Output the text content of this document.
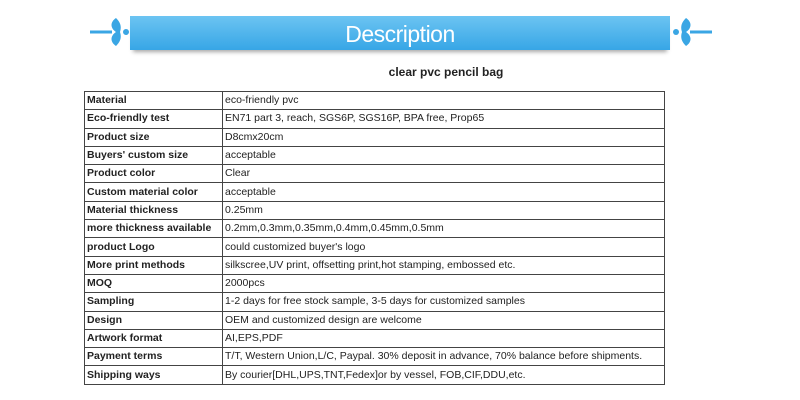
Description
clear pvc pencil bag
Material	eco-friendly pvc
Eco-friendly test	EN71 part 3, reach, SGS6P, SGS16P, BPA free, Prop65
Product size	D8cmx20cm
Buyers' custom size	acceptable
Product color	Clear
Custom material color	acceptable
Material thickness	0.25mm
more thickness available	0.2mm,0.3mm,0.35mm,0.4mm,0.45mm,0.5mm
product Logo	could customized buyer's logo
More print methods	silkscree,UV print, offsetting print,hot stamping, embossed etc.
MOQ	2000pcs
Sampling	1-2 days for free stock sample, 3-5 days for customized samples
Design	OEM and customized design are welcome
Artwork format	AI,EPS,PDF
Payment terms	T/T, Western Union,L/C, Paypal. 30% deposit in advance, 70% balance before shipments.
Shipping ways	By courier[DHL,UPS,TNT,Fedex]or by vessel, FOB,CIF,DDU,etc.
